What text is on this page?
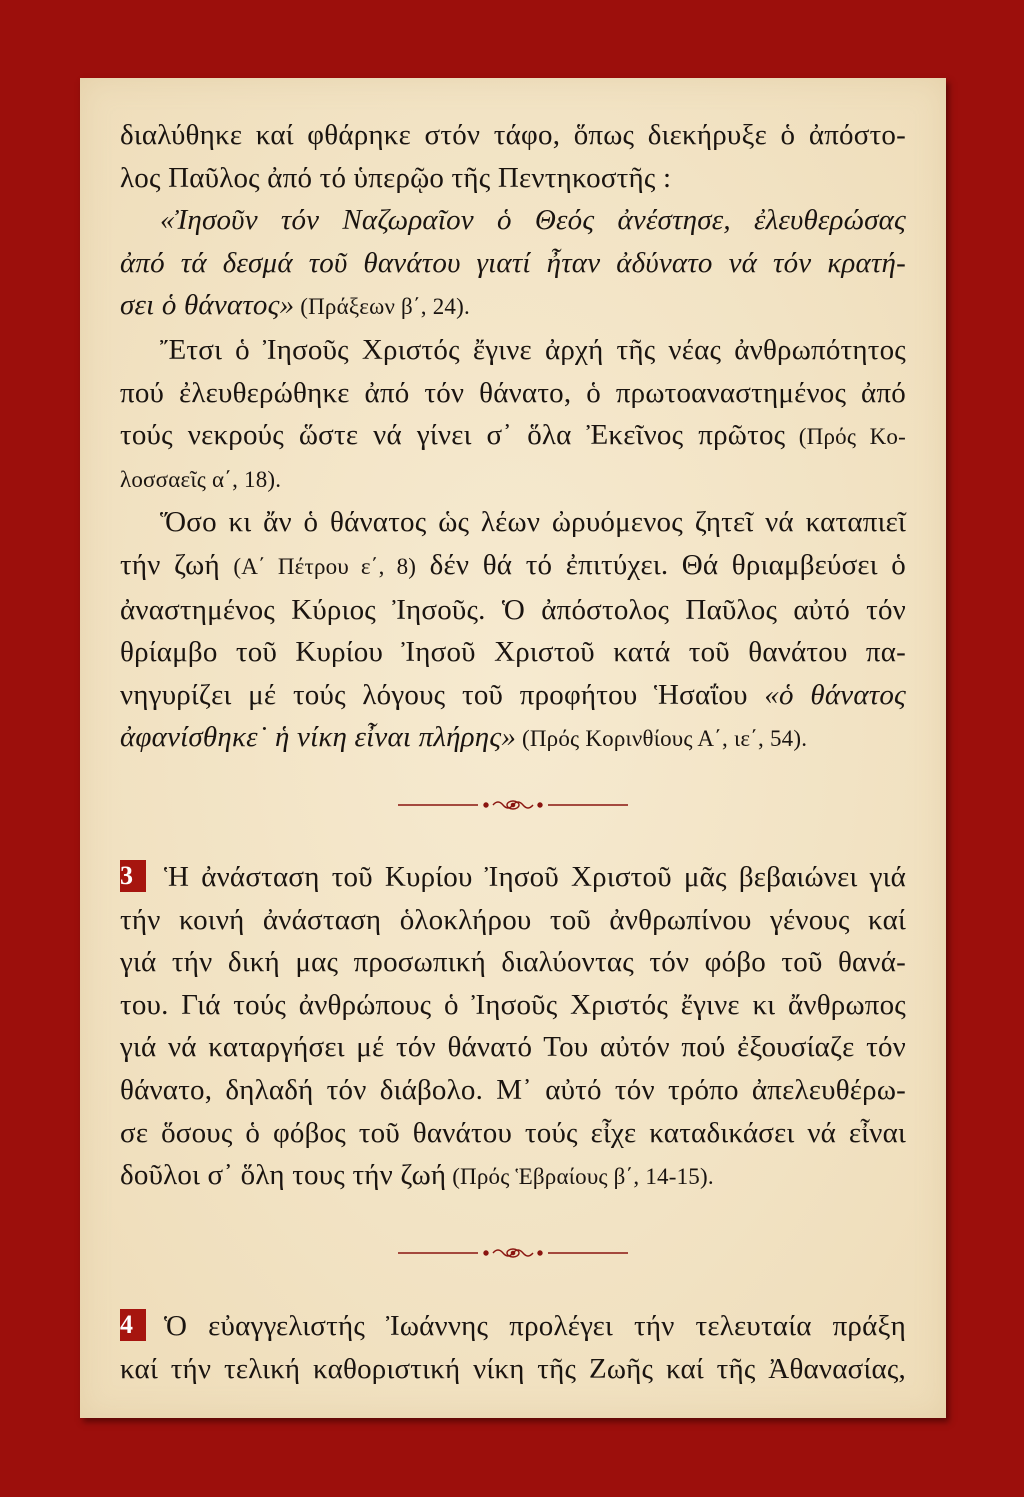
διαλύθηκε καί φθάρηκε στόν τάφο, ὅπως διεκήρυξε ὁ ἀπόστο-
λος Παῦλος ἀπό τό ὑπερῷο τῆς Πεντηκοστῆς :

«Ἰησοῦν τόν Ναζωραῖον ὁ Θεός ἀνέστησε, ἐλευθερώσας
ἀπό τά δεσμά τοῦ θανάτου γιατί ἦταν ἀδύνατο νά τόν κρατή-
σει ὁ θάνατος» (Πράξεων β΄, 24).

Ἔτσι ὁ Ἰησοῦς Χριστός ἔγινε ἀρχή τῆς νέας ἀνθρωπότητος
πού ἐλευθερώθηκε ἀπό τόν θάνατο, ὁ πρωτοαναστημένος ἀπό
τούς νεκρούς ὥστε νά γίνει σ᾽ ὅλα Ἐκεῖνος πρῶτος (Πρός Κο-
λοσσαεῖς α΄, 18).

Ὅσο κι ἄν ὁ θάνατος ὡς λέων ὠρυόμενος ζητεῖ νά καταπιεῖ
τήν ζωή (Α΄ Πέτρου ε΄, 8) δέν θά τό ἐπιτύχει. Θά θριαμβεύσει ὁ
ἀναστημένος Κύριος Ἰησοῦς. Ὁ ἀπόστολος Παῦλος αὐτό τόν
θρίαμβο τοῦ Κυρίου Ἰησοῦ Χριστοῦ κατά τοῦ θανάτου πα-
νηγυρίζει μέ τούς λόγους τοῦ προφήτου Ἡσαΐου «ὁ θάνατος
ἀφανίσθηκε˙ ἡ νίκη εἶναι πλήρης» (Πρός Κορινθίους Α΄, ιε΄, 54).

3 Ἡ ἀνάσταση τοῦ Κυρίου Ἰησοῦ Χριστοῦ μᾶς βεβαιώνει γιά
τήν κοινή ἀνάσταση ὁλοκλήρου τοῦ ἀνθρωπίνου γένους καί
γιά τήν δική μας προσωπική διαλύοντας τόν φόβο τοῦ θανά-
του. Γιά τούς ἀνθρώπους ὁ Ἰησοῦς Χριστός ἔγινε κι ἄνθρωπος
γιά νά καταργήσει μέ τόν θάνατό Του αὐτόν πού ἐξουσίαζε τόν
θάνατο, δηλαδή τόν διάβολο. Μ᾽ αὐτό τόν τρόπο ἀπελευθέρω-
σε ὅσους ὁ φόβος τοῦ θανάτου τούς εἶχε καταδικάσει νά εἶναι
δοῦλοι σ᾽ ὅλη τους τήν ζωή (Πρός Ἑβραίους β΄, 14-15).

4 Ὁ εὐαγγελιστής Ἰωάννης προλέγει τήν τελευταία πράξη
καί τήν τελική καθοριστική νίκη τῆς Ζωῆς καί τῆς Ἀθανασίας,
